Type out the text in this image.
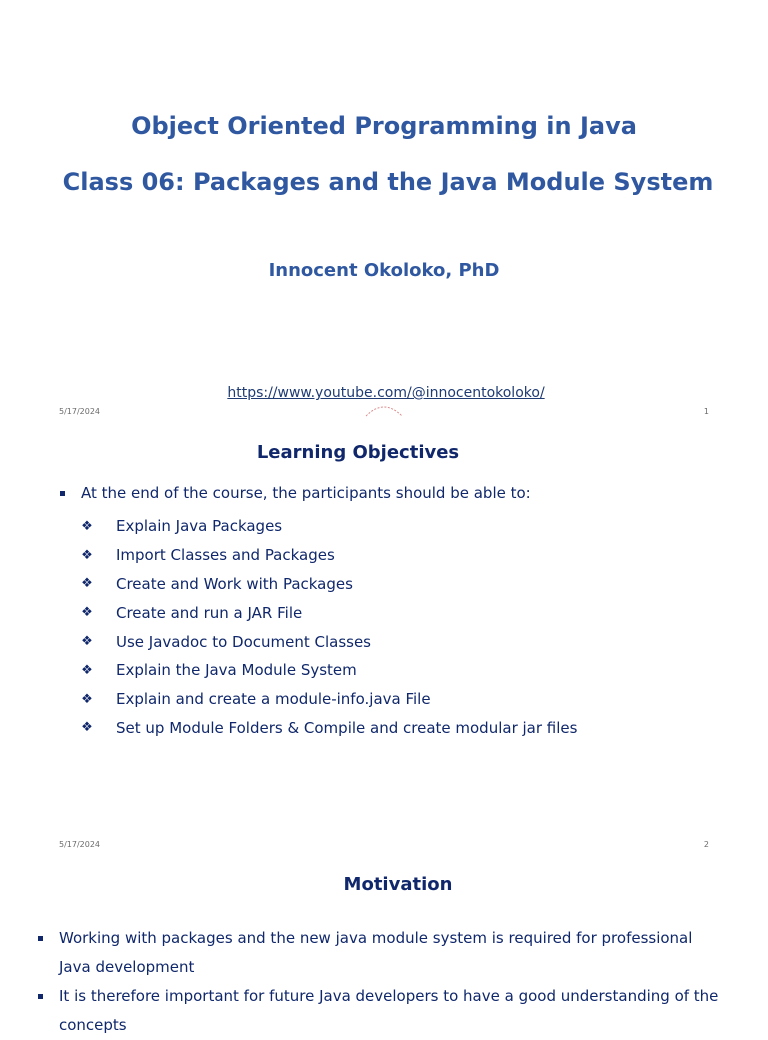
Object Oriented Programming in Java
Class 06: Packages and the Java Module System
Innocent Okoloko, PhD
https://www.youtube.com/@innocentokoloko/
5/17/2024	1
Learning Objectives
At the end of the course, the participants should be able to:
❖ Explain Java Packages
❖ Import Classes and Packages
❖ Create and Work with Packages
❖ Create and run a JAR File
❖ Use Javadoc to Document Classes
❖ Explain the Java Module System
❖ Explain and create a module-info.java File
❖ Set up Module Folders & Compile and create modular jar files
5/17/2024	2
Motivation
Working with packages and the new java module system is required for professional Java development
It is therefore important for future Java developers to have a good understanding of the concepts
